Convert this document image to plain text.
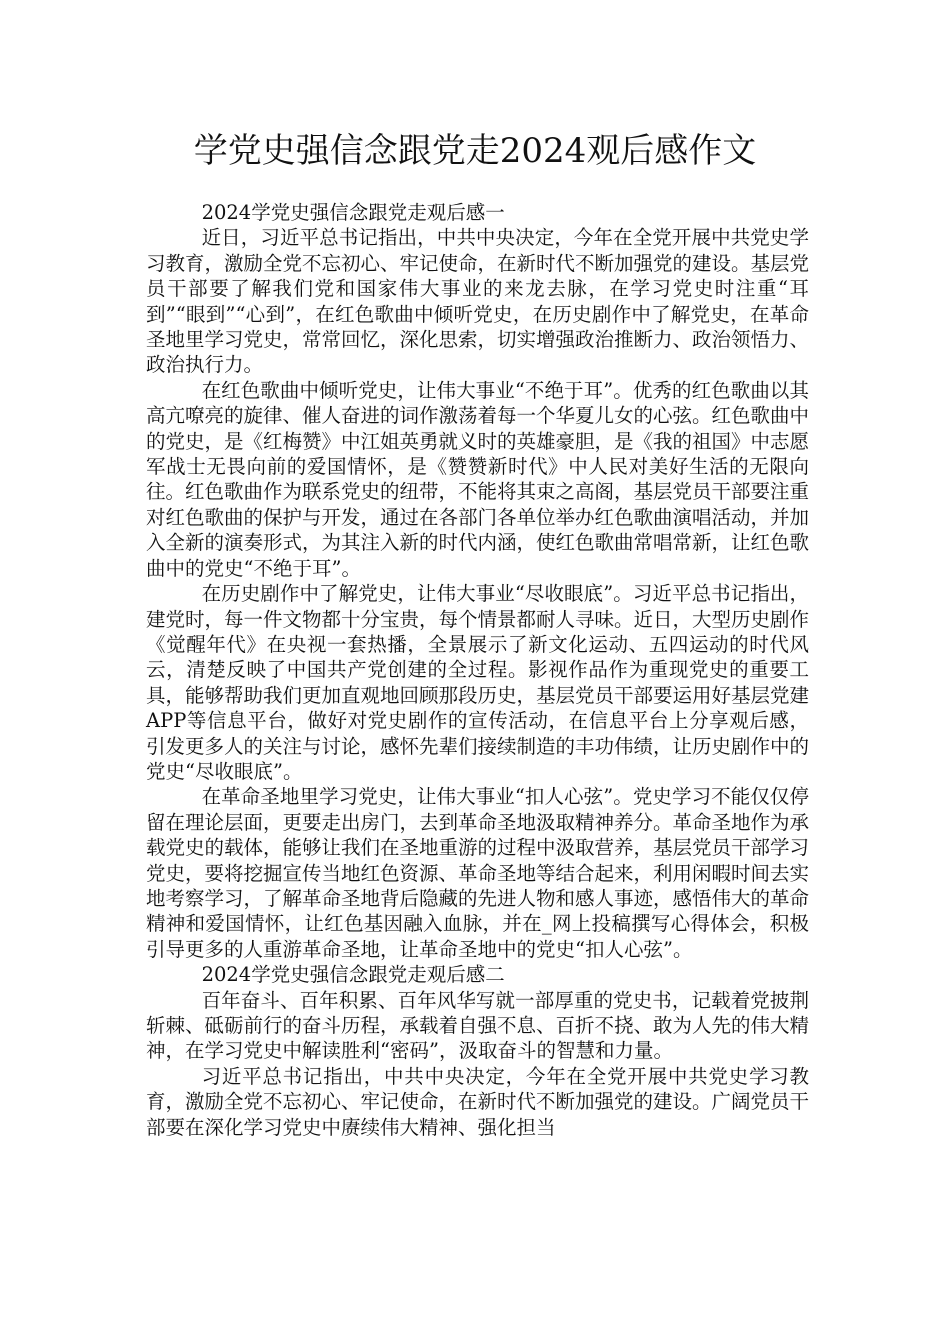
学党史强信念跟党走2024观后感作文

2024学党史强信念跟党走观后感一

近日，习近平总书记指出，中共中央决定，今年在全党开展中共党史学习教育，激励全党不忘初心、牢记使命，在新时代不断加强党的建设。基层党员干部要了解我们党和国家伟大事业的来龙去脉，在学习党史时注重“耳到”“眼到”“心到”，在红色歌曲中倾听党史，在历史剧作中了解党史，在革命圣地里学习党史，常常回忆，深化思索，切实增强政治推断力、政治领悟力、政治执行力。

在红色歌曲中倾听党史，让伟大事业“不绝于耳”。优秀的红色歌曲以其高亢嘹亮的旋律、催人奋进的词作激荡着每一个华夏儿女的心弦。红色歌曲中的党史，是《红梅赞》中江姐英勇就义时的英雄豪胆，是《我的祖国》中志愿军战士无畏向前的爱国情怀，是《赞赞新时代》中人民对美好生活的无限向往。红色歌曲作为联系党史的纽带，不能将其束之高阁，基层党员干部要注重对红色歌曲的保护与开发，通过在各部门各单位举办红色歌曲演唱活动，并加入全新的演奏形式，为其注入新的时代内涵，使红色歌曲常唱常新，让红色歌曲中的党史“不绝于耳”。

在历史剧作中了解党史，让伟大事业“尽收眼底”。习近平总书记指出，建党时，每一件文物都十分宝贵，每个情景都耐人寻味。近日，大型历史剧作《觉醒年代》在央视一套热播，全景展示了新文化运动、五四运动的时代风云，清楚反映了中国共产党创建的全过程。影视作品作为重现党史的重要工具，能够帮助我们更加直观地回顾那段历史，基层党员干部要运用好基层党建APP等信息平台，做好对党史剧作的宣传活动，在信息平台上分享观后感，引发更多人的关注与讨论，感怀先辈们接续制造的丰功伟绩，让历史剧作中的党史“尽收眼底”。

在革命圣地里学习党史，让伟大事业“扣人心弦”。党史学习不能仅仅停留在理论层面，更要走出房门，去到革命圣地汲取精神养分。革命圣地作为承载党史的载体，能够让我们在圣地重游的过程中汲取营养，基层党员干部学习党史，要将挖掘宣传当地红色资源、革命圣地等结合起来，利用闲暇时间去实地考察学习，了解革命圣地背后隐藏的先进人物和感人事迹，感悟伟大的革命精神和爱国情怀，让红色基因融入血脉，并在_网上投稿撰写心得体会，积极引导更多的人重游革命圣地，让革命圣地中的党史“扣人心弦”。

2024学党史强信念跟党走观后感二

百年奋斗、百年积累、百年风华写就一部厚重的党史书，记载着党披荆斩棘、砥砺前行的奋斗历程，承载着自强不息、百折不挠、敢为人先的伟大精神，在学习党史中解读胜利“密码”，汲取奋斗的智慧和力量。

习近平总书记指出，中共中央决定，今年在全党开展中共党史学习教育，激励全党不忘初心、牢记使命，在新时代不断加强党的建设。广阔党员干部要在深化学习党史中赓续伟大精神、强化担当
